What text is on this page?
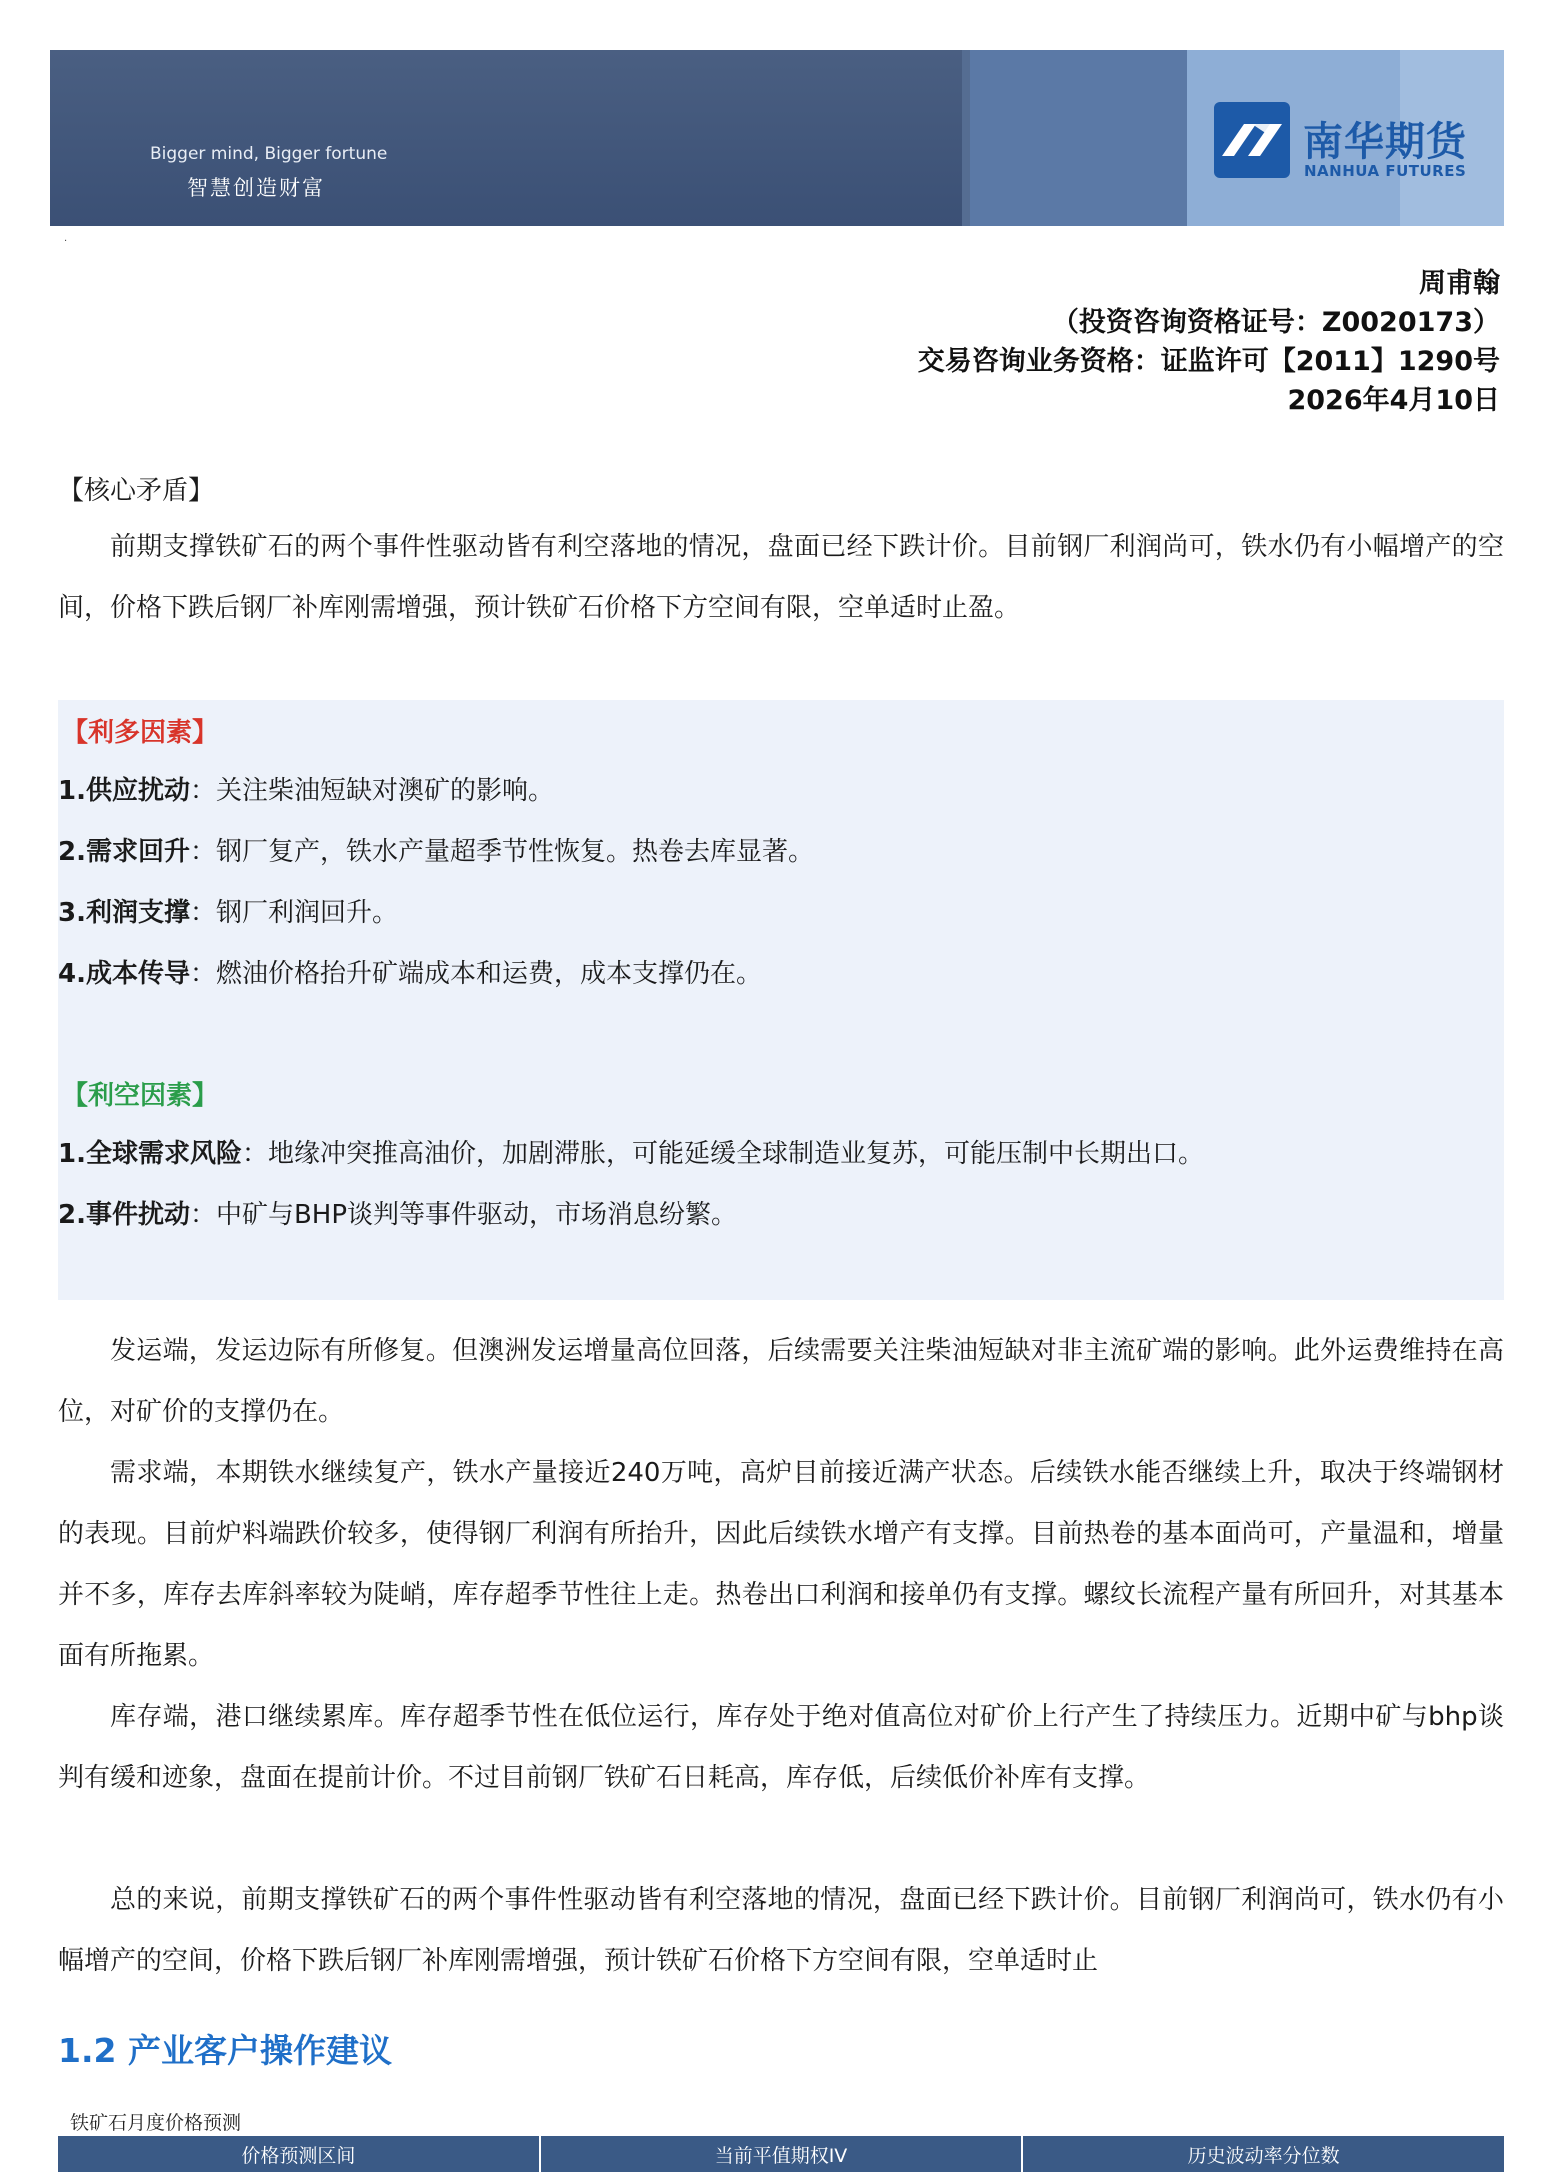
Bigger mind, Bigger fortune
智慧创造财富
南华期货
NANHUA FUTURES
·
周甫翰
（投资咨询资格证号：Z0020173）
交易咨询业务资格：证监许可【2011】1290号
2026年4月10日
【核心矛盾】
前期支撑铁矿石的两个事件性驱动皆有利空落地的情况，盘面已经下跌计价。目前钢厂利润尚可，铁水仍有小幅增产的空间，价格下跌后钢厂补库刚需增强，预计铁矿石价格下方空间有限，空单适时止盈。
【利多因素】
1.供应扰动：关注柴油短缺对澳矿的影响。
2.需求回升：钢厂复产，铁水产量超季节性恢复。热卷去库显著。
3.利润支撑：钢厂利润回升。
4.成本传导：燃油价格抬升矿端成本和运费，成本支撑仍在。
【利空因素】
1.全球需求风险：地缘冲突推高油价，加剧滞胀，可能延缓全球制造业复苏，可能压制中长期出口。
2.事件扰动：中矿与BHP谈判等事件驱动，市场消息纷繁。
发运端，发运边际有所修复。但澳洲发运增量高位回落，后续需要关注柴油短缺对非主流矿端的影响。此外运费维持在高位，对矿价的支撑仍在。
需求端，本期铁水继续复产，铁水产量接近240万吨，高炉目前接近满产状态。后续铁水能否继续上升，取决于终端钢材的表现。目前炉料端跌价较多，使得钢厂利润有所抬升，因此后续铁水增产有支撑。目前热卷的基本面尚可，产量温和，增量并不多，库存去库斜率较为陡峭，库存超季节性往上走。热卷出口利润和接单仍有支撑。螺纹长流程产量有所回升，对其基本面有所拖累。
库存端，港口继续累库。库存超季节性在低位运行，库存处于绝对值高位对矿价上行产生了持续压力。近期中矿与bhp谈判有缓和迹象，盘面在提前计价。不过目前钢厂铁矿石日耗高，库存低，后续低价补库有支撑。
总的来说，前期支撑铁矿石的两个事件性驱动皆有利空落地的情况，盘面已经下跌计价。目前钢厂利润尚可，铁水仍有小幅增产的空间，价格下跌后钢厂补库刚需增强，预计铁矿石价格下方空间有限，空单适时止
1.2 产业客户操作建议
铁矿石月度价格预测
价格预测区间	当前平值期权IV	历史波动率分位数
